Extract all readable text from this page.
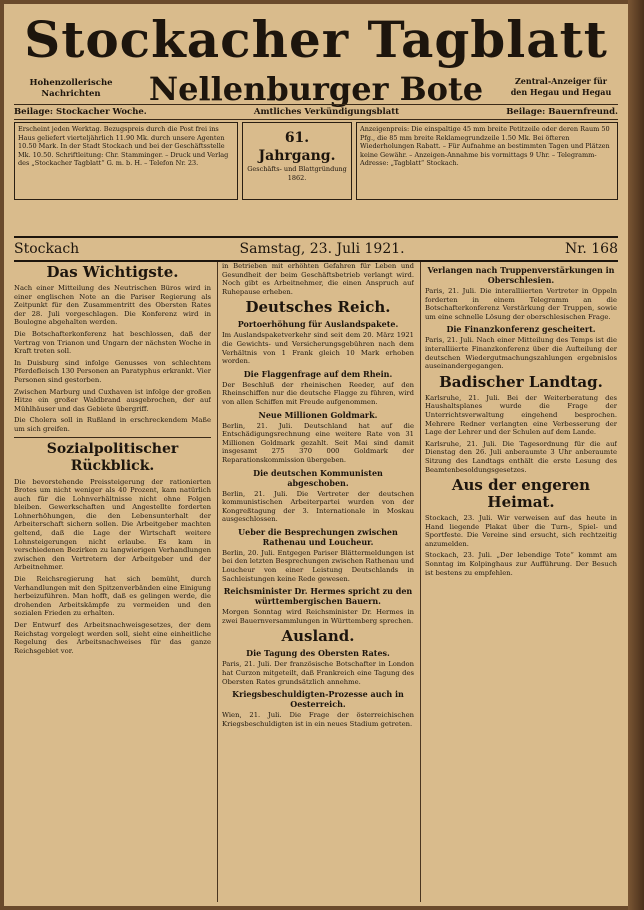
Stockacher Tagblatt
Hohenzollerische Nachrichten	Nellenburger Bote	Zentral-Anzeiger für den Hegau und Hegau
Beilage: Stockacher Woche.	Amtliches Verkündigungsblatt	Beilage: Bauernfreund.
Erscheint jeden Werktag. Bezugspreis durch die Post frei ins Haus geliefert vierteljährlich 11.90 Mk. durch unsere Agenten 10.50 Mark. In der Stadt Stockach und bei der Geschäftsstelle Mk. 10.50. Schriftleitung: Chr. Stamminger. – Druck und Verlag des „Stockacher Tagblatt“ G. m. b. H. – Telefon Nr. 23.
61. Jahrgang.
Geschäfts- und Blattgründung 1862.
Anzeigenpreis: Die einspaltige 45 mm breite Petitzeile oder deren Raum 50 Pfg., die 85 mm breite Reklamegrundzeile 1.50 Mk. Bei öfteren Wiederholungen Rabatt. – Für Aufnahme an bestimmten Tagen und Plätzen keine Gewähr. – Anzeigen-Annahme bis vormittags 9 Uhr. – Telegramm-Adresse: „Tagblatt“ Stockach.
Stockach	Samstag, 23. Juli 1921.	Nr. 168
Das Wichtigste.

Nach einer Mitteilung des Neutrischen Büros wird in einer englischen Note an die Pariser Regierung als Zeitpunkt für den Zusammentritt des Obersten Rates der 28. Juli vorgeschlagen. Die Konferenz wird in Boulogne abgehalten werden.

Die Botschafterkonferenz hat beschlossen, daß der Vertrag von Trianon und Ungarn der nächsten Woche in Kraft treten soll.

In Duisburg sind infolge Genusses von schlechtem Pferdefleisch 130 Personen an Paratyphus erkrankt. Vier Personen sind gestorben.

Zwischen Marburg und Cuxhaven ist infolge der großen Hitze ein großer Waldbrand ausgebrochen, der auf Mühlhäuser und das Gebiete übergriff.

Die Cholera soll in Rußland in erschreckendem Maße um sich greifen.

Sozialpolitischer Rückblick.

Die bevorstehende Preissteigerung der rationierten Brotes um nicht weniger als 40 Prozent, kam natürlich auch für die Lohnverhältnisse nicht ohne Folgen bleiben. Gewerkschaften und Angestellte forderten Lohnerhöhungen, die den Lebensunterhalt der Arbeiterschaft sichern sollen. Die Arbeitgeber machten geltend, daß die Lage der Wirtschaft weitere Lohnsteigerungen nicht erlaube. Es kam in verschiedenen Bezirken zu langwierigen Verhandlungen zwischen den Vertretern der Arbeitgeber und der Arbeitnehmer.

Die Reichsregierung hat sich bemüht, durch Verhandlungen mit den Spitzenverbänden eine Einigung herbeizuführen. Man hofft, daß es gelingen werde, die drohenden Arbeitskämpfe zu vermeiden und den sozialen Frieden zu erhalten.

Der Entwurf des Arbeitsnachweisgesetzes, der dem Reichstag vorgelegt werden soll, sieht eine einheitliche Regelung des Arbeitsnachweises für das ganze Reichsgebiet vor.

in Betrieben mit erhöhten Gefahren für Leben und Gesundheit der beim Geschäftsbetrieb verlangt wird. Noch gibt es Arbeitnehmer, die einen Anspruch auf Ruhepause erheben.

Deutsches Reich.
Portoerhöhung für Auslandspakete.

Im Auslandspaketverkehr sind seit dem 20. März 1921 die Gewichts- und Versicherungsgebühren nach dem Verhältnis von 1 Frank gleich 10 Mark erhoben worden.

Die Flaggenfrage auf dem Rhein.

Der Beschluß der rheinischen Reeder, auf den Rheinschiffen nur die deutsche Flagge zu führen, wird von allen Schiffen mit Freude aufgenommen.

Neue Millionen Goldmark.

Berlin, 21. Juli. Deutschland hat auf die Entschädigungsrechnung eine weitere Rate von 31 Millionen Goldmark gezahlt. Seit Mai sind damit insgesamt 275 370 000 Goldmark der Reparationskommission übergeben.

Die deutschen Kommunisten abgeschoben.

Berlin, 21. Juli. Die Vertreter der deutschen kommunistischen Arbeiterpartei wurden von der Kongreßtagung der 3. Internationale in Moskau ausgeschlossen.

Ueber die Besprechungen zwischen Rathenau und Loucheur.

Berlin, 20. Juli. Entgegen Pariser Blättermeldungen ist bei den letzten Besprechungen zwischen Rathenau und Loucheur von einer Leistung Deutschlands in Sachleistungen keine Rede gewesen.

Reichsminister Dr. Hermes spricht zu den württembergischen Bauern.

Morgen Sonntag wird Reichsminister Dr. Hermes in zwei Bauernversammlungen in Württemberg sprechen.

Ausland.
Die Tagung des Obersten Rates.

Paris, 21. Juli. Der französische Botschafter in London hat Curzon mitgeteilt, daß Frankreich eine Tagung des Obersten Rates grundsätzlich annehme.

Kriegsbeschuldigten-Prozesse auch in Oesterreich.

Wien, 21. Juli. Die Frage der österreichischen Kriegsbeschuldigten ist in ein neues Stadium getreten.

Verlangen nach Truppenverstärkungen in Oberschlesien.

Paris, 21. Juli. Die interalliierten Vertreter in Oppeln forderten in einem Telegramm an die Botschafterkonferenz Verstärkung der Truppen, sowie um eine schnelle Lösung der oberschlesischen Frage.

Die Finanzkonferenz gescheitert.

Paris, 21. Juli. Nach einer Mitteilung des Temps ist die interalliierte Finanzkonferenz über die Aufteilung der deutschen Wiedergutmachungszahlungen ergebnislos auseinandergegangen.

Badischer Landtag.

Karlsruhe, 21. Juli. Bei der Weiterberatung des Haushaltsplanes wurde die Frage der Unterrichtsverwaltung eingehend besprochen. Mehrere Redner verlangten eine Verbesserung der Lage der Lehrer und der Schulen auf dem Lande.

Karlsruhe, 21. Juli. Die Tagesordnung für die auf Dienstag den 26. Juli anberaumte 3 Uhr anberaumte Sitzung des Landtags enthält die erste Lesung des Beamtenbesoldungsgesetzes.

Aus der engeren Heimat.

Stockach, 23. Juli. Wir verweisen auf das heute in Hand liegende Plakat über die Turn-, Spiel- und Sportfeste. Die Vereine sind ersucht, sich rechtzeitig anzumelden.

Stockach, 23. Juli. „Der lebendige Tote“ kommt am Sonntag im Kolpinghaus zur Aufführung. Der Besuch ist bestens zu empfehlen.
